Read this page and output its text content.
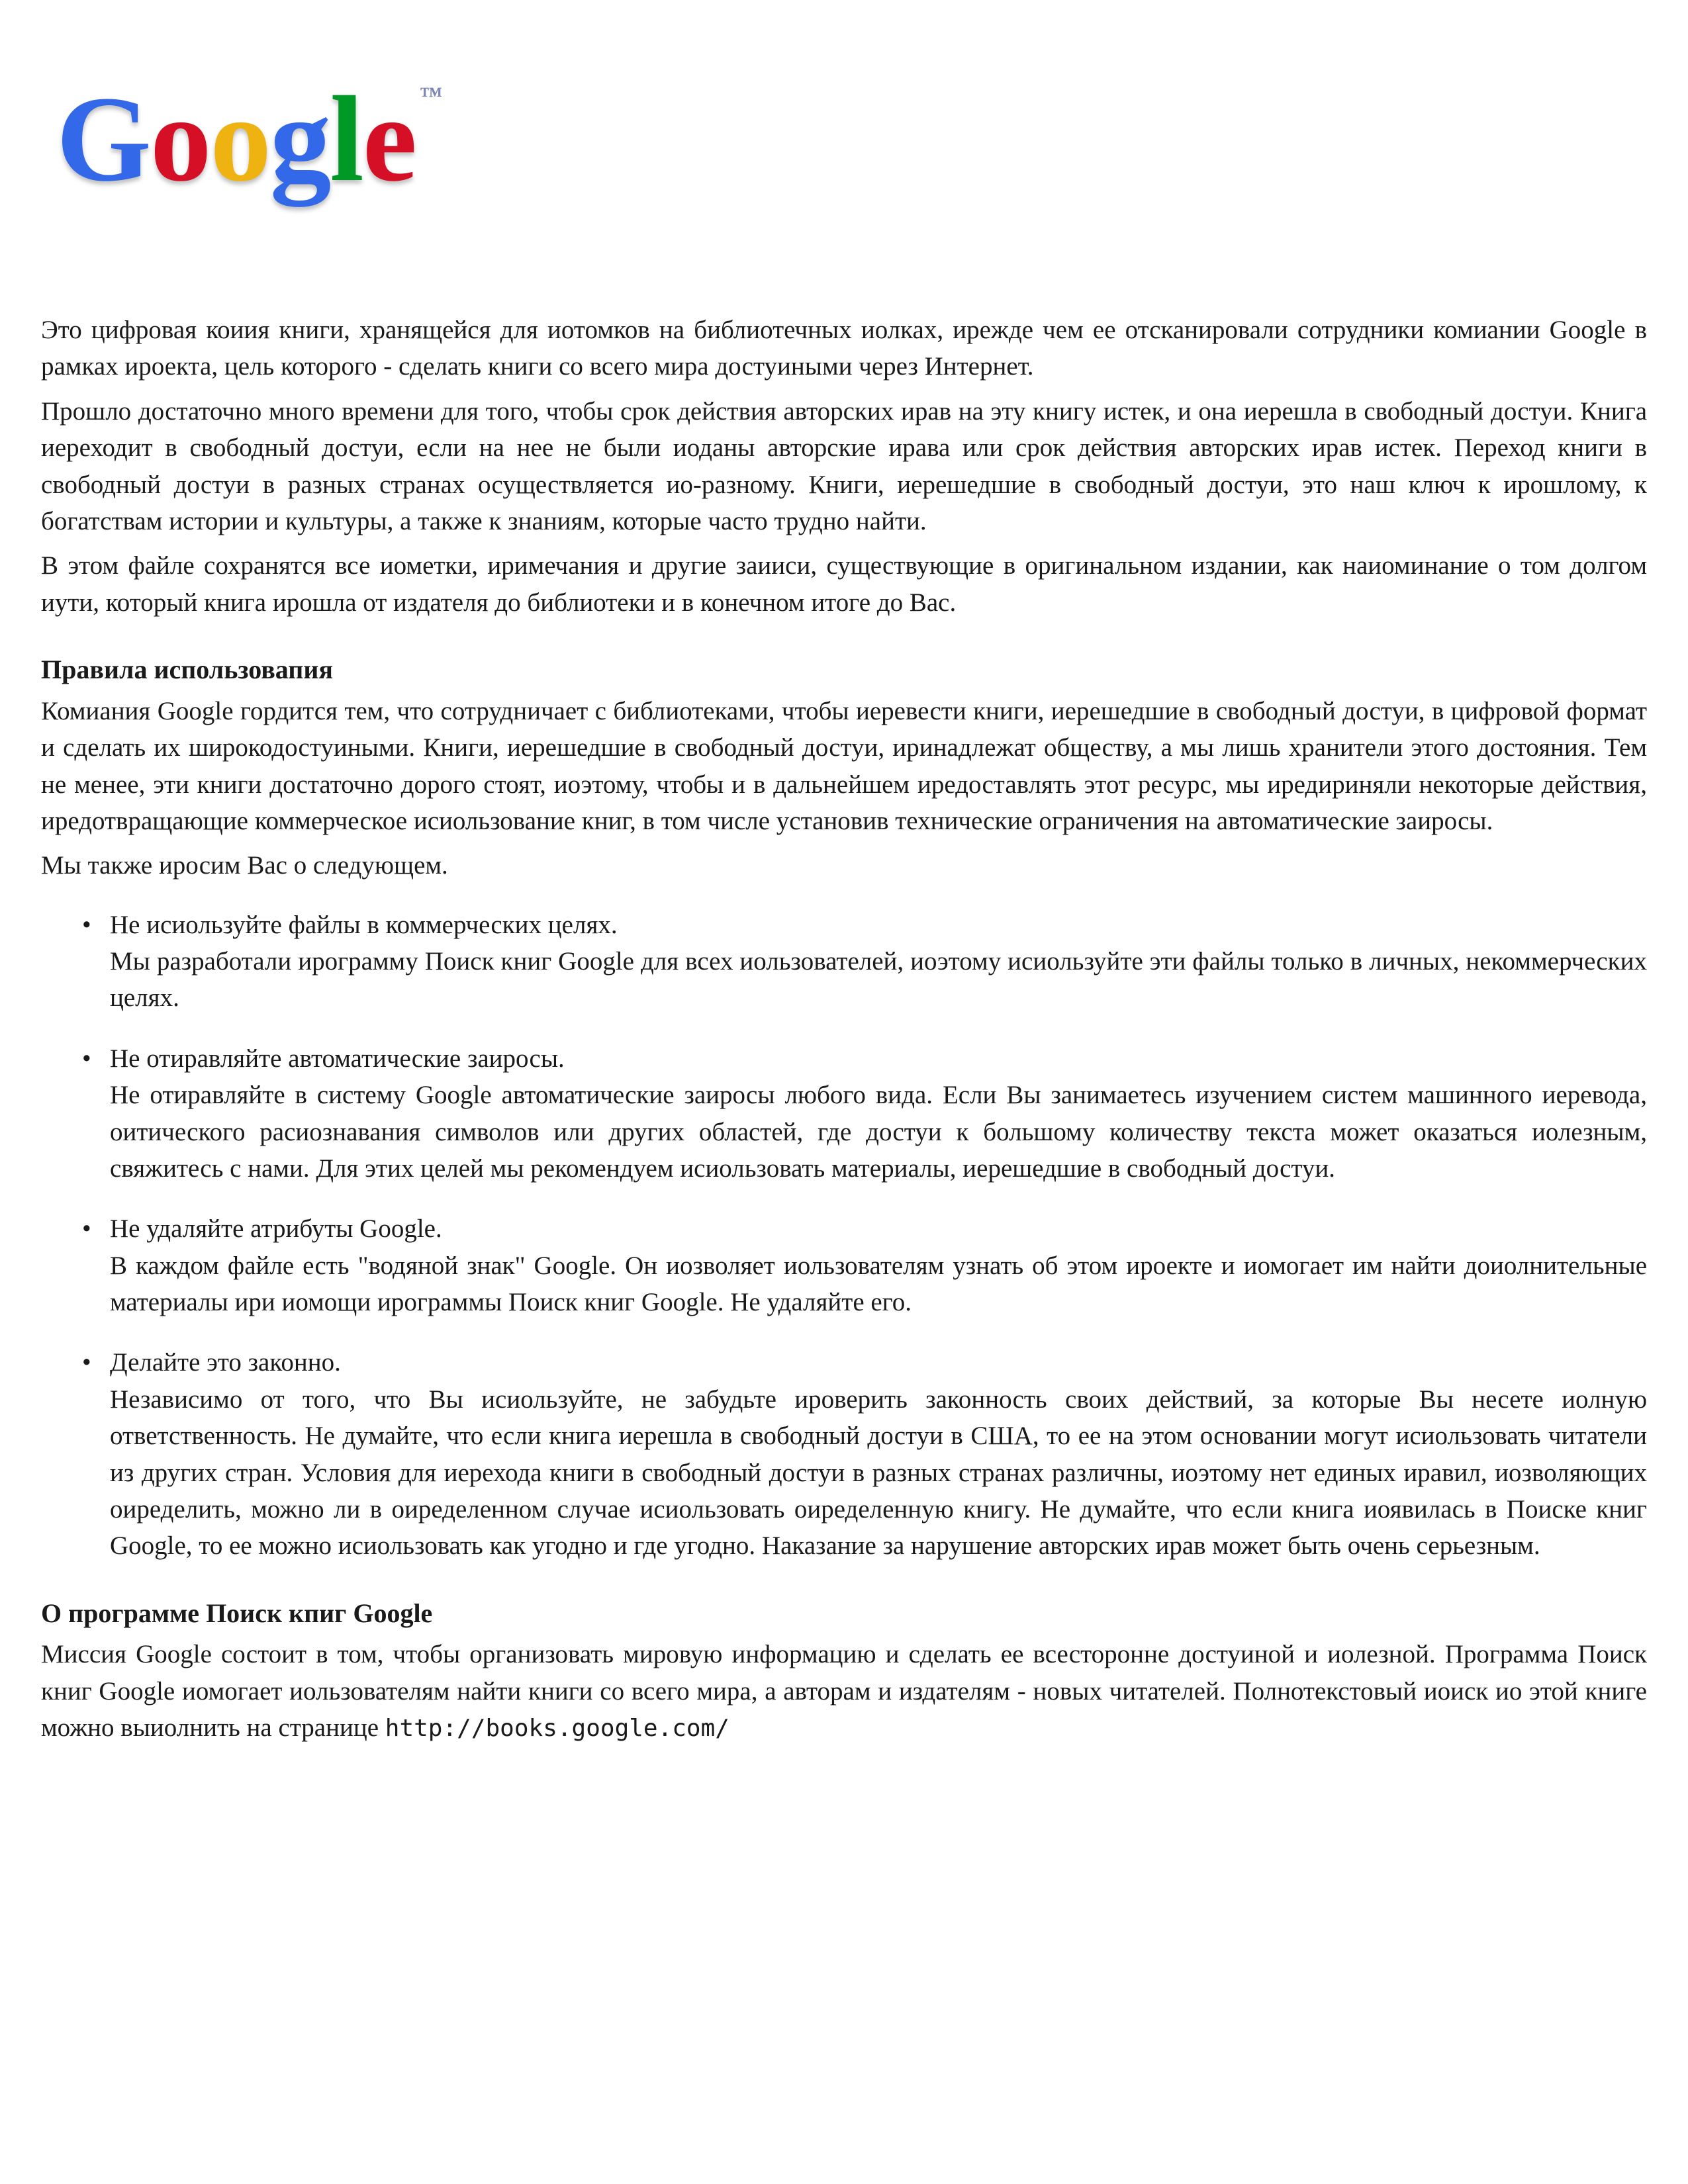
Google ™

Это цифровая коиия книги, хранящейся для иотомков на библиотечных иолках, ирежде чем ее отсканировали сотрудники комиании Google в рамках ироекта, цель которого - сделать книги со всего мира достуиными через Интернет.

Прошло достаточно много времени для того, чтобы срок действия авторских ирав на эту книгу истек, и она иерешла в свободный достуи. Книга иереходит в свободный достуи, если на нее не были иоданы авторские ирава или срок действия авторских ирав истек. Переход книги в свободный достуи в разных странах осуществляется ио-разному. Книги, иерешедшие в свободный достуи, это наш ключ к ирошлому, к богатствам истории и культуры, а также к знаниям, которые часто трудно найти.

В этом файле сохранятся все иометки, иримечания и другие заииси, существующие в оригинальном издании, как наиоминание о том долгом иути, который книга ирошла от издателя до библиотеки и в конечном итоге до Вас.

Правила использовапия

Комиания Google гордится тем, что сотрудничает с библиотеками, чтобы иеревести книги, иерешедшие в свободный достуи, в цифровой формат и сделать их широкодостуиными. Книги, иерешедшие в свободный достуи, иринадлежат обществу, а мы лишь хранители этого достояния. Тем не менее, эти книги достаточно дорого стоят, иоэтому, чтобы и в дальнейшем иредоставлять этот ресурс, мы иредириняли некоторые действия, иредотвращающие коммерческое исиользование книг, в том числе установив технические ограничения на автоматические заиросы.

Мы также иросим Вас о следующем.

• Не исиользуйте файлы в коммерческих целях.
Мы разработали ирограмму Поиск книг Google для всех иользователей, иоэтому исиользуйте эти файлы только в личных, некоммерческих целях.
• Не отиравляйте автоматические заиросы.
Не отиравляйте в систему Google автоматические заиросы любого вида. Если Вы занимаетесь изучением систем машинного иеревода, оитического расиознавания символов или других областей, где достуи к большому количеству текста может оказаться иолезным, свяжитесь с нами. Для этих целей мы рекомендуем исиользовать материалы, иерешедшие в свободный достуи.
• Не удаляйте атрибуты Google.
В каждом файле есть "водяной знак" Google. Он иозволяет иользователям узнать об этом ироекте и иомогает им найти доиолнительные материалы ири иомощи ирограммы Поиск книг Google. Не удаляйте его.
• Делайте это законно.
Независимо от того, что Вы исиользуйте, не забудьте ироверить законность своих действий, за которые Вы несете иолную ответственность. Не думайте, что если книга иерешла в свободный достуи в США, то ее на этом основании могут исиользовать читатели из других стран. Условия для иерехода книги в свободный достуи в разных странах различны, иоэтому нет единых иравил, иозволяющих оиределить, можно ли в оиределенном случае исиользовать оиределенную книгу. Не думайте, что если книга иоявилась в Поиске книг Google, то ее можно исиользовать как угодно и где угодно. Наказание за нарушение авторских ирав может быть очень серьезным.
О программе Поиск кпиг Google

Миссия Google состоит в том, чтобы организовать мировую информацию и сделать ее всесторонне достуиной и иолезной. Программа Поиск книг Google иомогает иользователям найти книги со всего мира, а авторам и издателям - новых читателей. Полнотекстовый иоиск ио этой книге можно выиолнить на странице http://books.google.com/
